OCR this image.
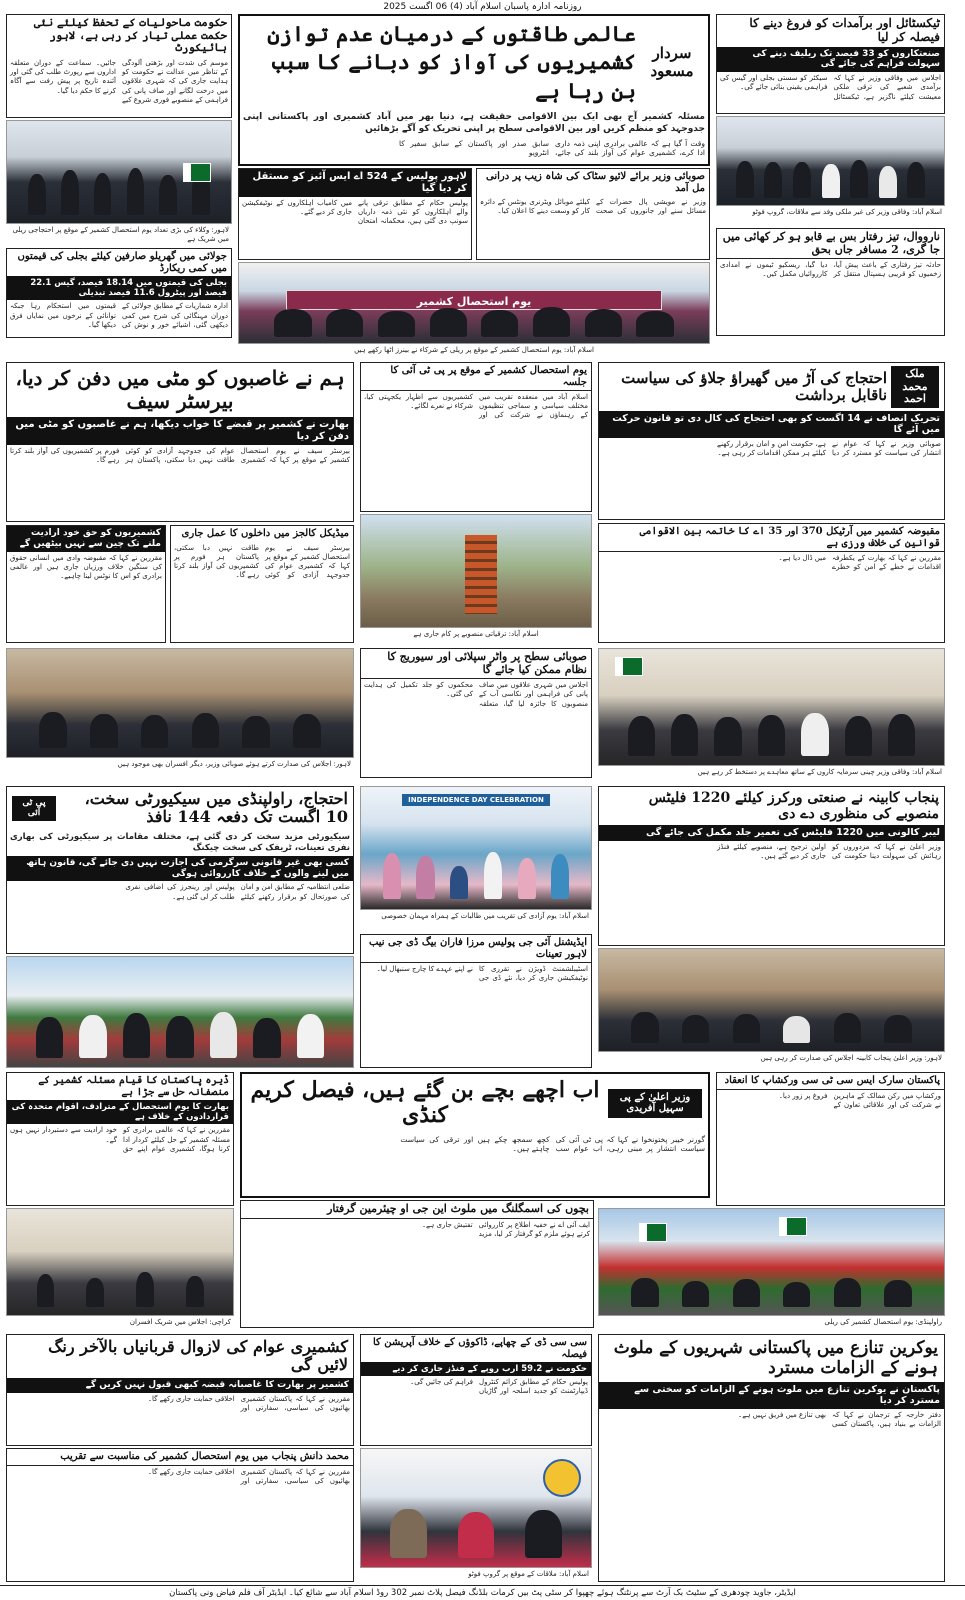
روزنامہ ادارہ پاسبان اسلام آباد (4) 06 اگست 2025
ٹیکسٹائل اور برآمدات کو فروغ دینے کا فیصلہ کر لیا
صنعتکاروں کو 33 فیصد تک ریلیف دینے کی سہولت فراہم کی جائے گی
اجلاس میں وفاقی وزیر نے کہا کہ برآمدی شعبے کی ترقی ملکی معیشت کیلئے ناگزیر ہے، ٹیکسٹائل سیکٹر کو سستی بجلی اور گیس کی فراہمی یقینی بنائی جائے گی۔
اسلام آباد: وفاقی وزیر کی غیر ملکی وفد سے ملاقات، گروپ فوٹو
نارووال، تیز رفتار بس بے قابو ہو کر کھائی میں جا گری، 2 مسافر جاں بحق
حادثہ تیز رفتاری کے باعث پیش آیا، زخمیوں کو قریبی ہسپتال منتقل کر دیا گیا، ریسکیو ٹیموں نے امدادی کارروائیاں مکمل کیں۔
حکومت ماحولیات کے تحفظ کیلئے نئی حکمت عملی تیار کر رہی ہے، لاہور ہائیکورٹ
موسم کی شدت اور بڑھتی آلودگی کے تناظر میں عدالت نے حکومت کو ہدایت جاری کی کہ شہری علاقوں میں درخت لگانے اور صاف پانی کی فراہمی کے منصوبے فوری شروع کیے جائیں۔ سماعت کے دوران متعلقہ اداروں سے رپورٹ طلب کی گئی اور آئندہ تاریخ پر پیش رفت سے آگاہ کرنے کا حکم دیا گیا۔
لاہور: وکلاء کی بڑی تعداد یوم استحصال کشمیر کے موقع پر احتجاجی ریلی میں شریک ہے
جولائی میں گھریلو صارفین کیلئے بجلی کی قیمتوں میں کمی ریکارڈ
بجلی کی قیمتوں میں 18.14 فیصد، گیس 22.1 فیصد اور پیٹرول 11.6 فیصد تبدیلی
ادارہ شماریات کے مطابق جولائی کے دوران مہنگائی کی شرح میں کمی دیکھی گئی، اشیائے خور و نوش کی قیمتوں میں استحکام رہا جبکہ توانائی کے نرخوں میں نمایاں فرق دیکھا گیا۔
سردار مسعود
عالمی طاقتوں کے درمیان عدم توازن کشمیریوں کی آواز کو دبانے کا سبب بن رہا ہے
مسئلہ کشمیر آج بھی ایک بین الاقوامی حقیقت ہے، دنیا بھر میں آباد کشمیری اور پاکستانی اپنی جدوجہد کو منظم کریں اور بین الاقوامی سطح پر اپنی تحریک کو آگے بڑھائیں
وقت آ گیا ہے کہ عالمی برادری اپنی ذمہ داری ادا کرے، کشمیری عوام کی آواز بلند کی جائے، سابق صدر اور پاکستان کے سابق سفیر کا انٹرویو
لاہور پولیس کے 524 اے ایس آئیز کو مستقل کر دیا گیا
پولیس حکام کے مطابق ترقی پانے والے اہلکاروں کو نئی ذمہ داریاں سونپ دی گئی ہیں، محکمانہ امتحان میں کامیاب اہلکاروں کے نوٹیفکیشن جاری کر دیے گئے۔
صوبائی وزیر برائے لائیو سٹاک کی شاہ زیب پر درانی مل آمد
وزیر نے مویشی پال حضرات کے مسائل سنے اور جانوروں کی صحت کیلئے موبائل ویٹرنری یونٹس کے دائرہ کار کو وسعت دینے کا اعلان کیا۔
یوم استحصال کشمیر
اسلام آباد: یوم استحصال کشمیر کے موقع پر ریلی کے شرکاء نے بینرز اٹھا رکھے ہیں
ہم نے غاصبوں کو مٹی میں دفن کر دیا، بیرسٹر سیف
بھارت نے کشمیر پر قبضے کا خواب دیکھا، ہم نے غاصبوں کو مٹی میں دفن کر دیا
بیرسٹر سیف نے یوم استحصال کشمیر کے موقع پر کہا کہ کشمیری عوام کی جدوجہد آزادی کو کوئی طاقت نہیں دبا سکتی، پاکستان ہر فورم پر کشمیریوں کی آواز بلند کرتا رہے گا۔
کشمیریوں کو حق خود ارادیت ملنے تک چین سے نہیں بیٹھیں گے
مقررین نے کہا کہ مقبوضہ وادی میں انسانی حقوق کی سنگین خلاف ورزیاں جاری ہیں اور عالمی برادری کو اس کا نوٹس لینا چاہیے۔
میڈیکل کالجز میں داخلوں کا عمل جاری
بیرسٹر سیف نے یوم استحصال کشمیر کے موقع پر کہا کہ کشمیری عوام کی جدوجہد آزادی کو کوئی طاقت نہیں دبا سکتی، پاکستان ہر فورم پر کشمیریوں کی آواز بلند کرتا رہے گا۔
یوم استحصال کشمیر کے موقع پر پی ٹی آئی کا جلسہ
اسلام آباد میں منعقدہ تقریب میں مختلف سیاسی و سماجی تنظیموں کے رہنماؤں نے شرکت کی اور کشمیریوں سے اظہار یکجہتی کیا، شرکاء نے نعرے لگائے۔
اسلام آباد: ترقیاتی منصوبے پر کام جاری ہے
ملک محمد احمد
احتجاج کی آڑ میں گھیراؤ جلاؤ کی سیاست ناقابل برداشت
تحریک انصاف نے 14 اگست کو بھی احتجاج کی کال دی تو قانون حرکت میں آئے گا
صوبائی وزیر نے کہا کہ عوام نے انتشار کی سیاست کو مسترد کر دیا ہے، حکومت امن و امان برقرار رکھنے کیلئے ہر ممکن اقدامات کر رہی ہے۔
مقبوضہ کشمیر میں آرٹیکل 370 اور 35 اے کا خاتمہ بین الاقوامی قوانین کی خلاف ورزی ہے
مقررین نے کہا کہ بھارت کے یکطرفہ اقدامات نے خطے کے امن کو خطرے میں ڈال دیا ہے۔
لاہور: اجلاس کی صدارت کرتے ہوئے صوبائی وزیر، دیگر افسران بھی موجود ہیں
صوبائی سطح پر واٹر سپلائی اور سیوریج کا نظام ممکن کیا جائے گا
اجلاس میں شہری علاقوں میں صاف پانی کی فراہمی اور نکاسی آب کے منصوبوں کا جائزہ لیا گیا، متعلقہ محکموں کو جلد تکمیل کی ہدایت کی گئی۔
اسلام آباد: وفاقی وزیر چینی سرمایہ کاروں کے ساتھ معاہدے پر دستخط کر رہے ہیں
احتجاج، راولپنڈی میں سیکیورٹی سخت، 10 اگست تک دفعہ 144 نافذ
پی ٹی آئی
سیکیورٹی مزید سخت کر دی گئی ہے، مختلف مقامات پر سیکیورٹی کی بھاری نفری تعینات، ٹریفک کی سخت چیکنگ
کسی بھی غیر قانونی سرگرمی کی اجازت نہیں دی جائے گی، قانون ہاتھ میں لینے والوں کے خلاف کارروائی ہوگی
ضلعی انتظامیہ کے مطابق امن و امان کی صورتحال کو برقرار رکھنے کیلئے پولیس اور رینجرز کی اضافی نفری طلب کر لی گئی ہے۔
INDEPENDENCE DAY CELEBRATION
اسلام آباد: یوم آزادی کی تقریب میں طالبات کے ہمراہ مہمان خصوصی
ایڈیشنل آئی جی پولیس مرزا فاران بیگ ڈی جی نیب لاہور تعینات
اسٹیبلشمنٹ ڈویژن نے تقرری کا نوٹیفکیشن جاری کر دیا، نئے ڈی جی نے اپنے عہدے کا چارج سنبھال لیا۔
پنجاب کابینہ نے صنعتی ورکرز کیلئے 1220 فلیٹس منصوبے کی منظوری دے دی
لیبر کالونی میں 1220 فلیٹس کی تعمیر جلد مکمل کی جائے گی
وزیر اعلیٰ نے کہا کہ مزدوروں کو رہائش کی سہولت دینا حکومت کی اولین ترجیح ہے، منصوبے کیلئے فنڈز جاری کر دیے گئے ہیں۔
لاہور: وزیر اعلیٰ پنجاب کابینہ اجلاس کی صدارت کر رہی ہیں
ڈیرہ پاکستان کا قیام مسئلہ کشمیر کے منصفانہ حل سے جڑا ہے
بھارت کا یوم استحصال کے مترادف، اقوام متحدہ کی قراردادوں کے خلاف ہے
مقررین نے کہا کہ عالمی برادری کو مسئلہ کشمیر کے حل کیلئے کردار ادا کرنا ہوگا، کشمیری عوام اپنے حق خود ارادیت سے دستبردار نہیں ہوں گے۔
کراچی: اجلاس میں شریک افسران
وزیر اعلیٰ کے پی سہیل آفریدی
اب اچھے بچے بن گئے ہیں، فیصل کریم کنڈی
گورنر خیبر پختونخوا نے کہا کہ پی ٹی آئی کی سیاست انتشار پر مبنی رہی، اب عوام سب کچھ سمجھ چکے ہیں اور ترقی کی سیاست چاہتے ہیں۔
بچوں کی اسمگلنگ میں ملوث این جی او چیئرمین گرفتار
ایف آئی اے نے خفیہ اطلاع پر کارروائی کرتے ہوئے ملزم کو گرفتار کر لیا، مزید تفتیش جاری ہے۔
پاکستان سارک ایس سی ٹی سی ورکشاپ کا انعقاد
ورکشاپ میں رکن ممالک کے ماہرین نے شرکت کی اور علاقائی تعاون کے فروغ پر زور دیا۔
راولپنڈی: یوم استحصال کشمیر کی ریلی
کشمیری عوام کی لازوال قربانیاں بالآخر رنگ لائیں گی
کشمیر پر بھارت کا غاصبانہ قبضہ کبھی قبول نہیں کریں گے
مقررین نے کہا کہ پاکستان کشمیری بھائیوں کی سیاسی، سفارتی اور اخلاقی حمایت جاری رکھے گا۔
محمد دانش پنجاب میں یوم استحصال کشمیر کی مناسبت سے تقریب
مقررین نے کہا کہ پاکستان کشمیری بھائیوں کی سیاسی، سفارتی اور اخلاقی حمایت جاری رکھے گا۔
سی سی ڈی کے چھاپے، ڈاکوؤں کے خلاف آپریشن کا فیصلہ
حکومت نے 59.2 ارب روپے کے فنڈز جاری کر دیے
پولیس حکام کے مطابق کرائم کنٹرول ڈیپارٹمنٹ کو جدید اسلحہ اور گاڑیاں فراہم کی جائیں گی۔
اسلام آباد: ملاقات کے موقع پر گروپ فوٹو
یوکرین تنازع میں پاکستانی شہریوں کے ملوث ہونے کے الزامات مسترد
پاکستان نے یوکرین تنازع میں ملوث ہونے کے الزامات کو سختی سے مسترد کر دیا
دفتر خارجہ کے ترجمان نے کہا کہ الزامات بے بنیاد ہیں، پاکستان کسی بھی تنازع میں فریق نہیں ہے۔
ایڈیٹر، جاوید چودھری کے سٹیٹ بک آرٹ سے پرنٹنگ ہوئے چھپوا کر سٹی پٹ بیں کرمات بلڈنگ فیصل پلاٹ نمبر 302 روڈ اسلام آباد سے شائع کیا۔ ایڈیٹر آف فلم فیاض ونی پاکستان
